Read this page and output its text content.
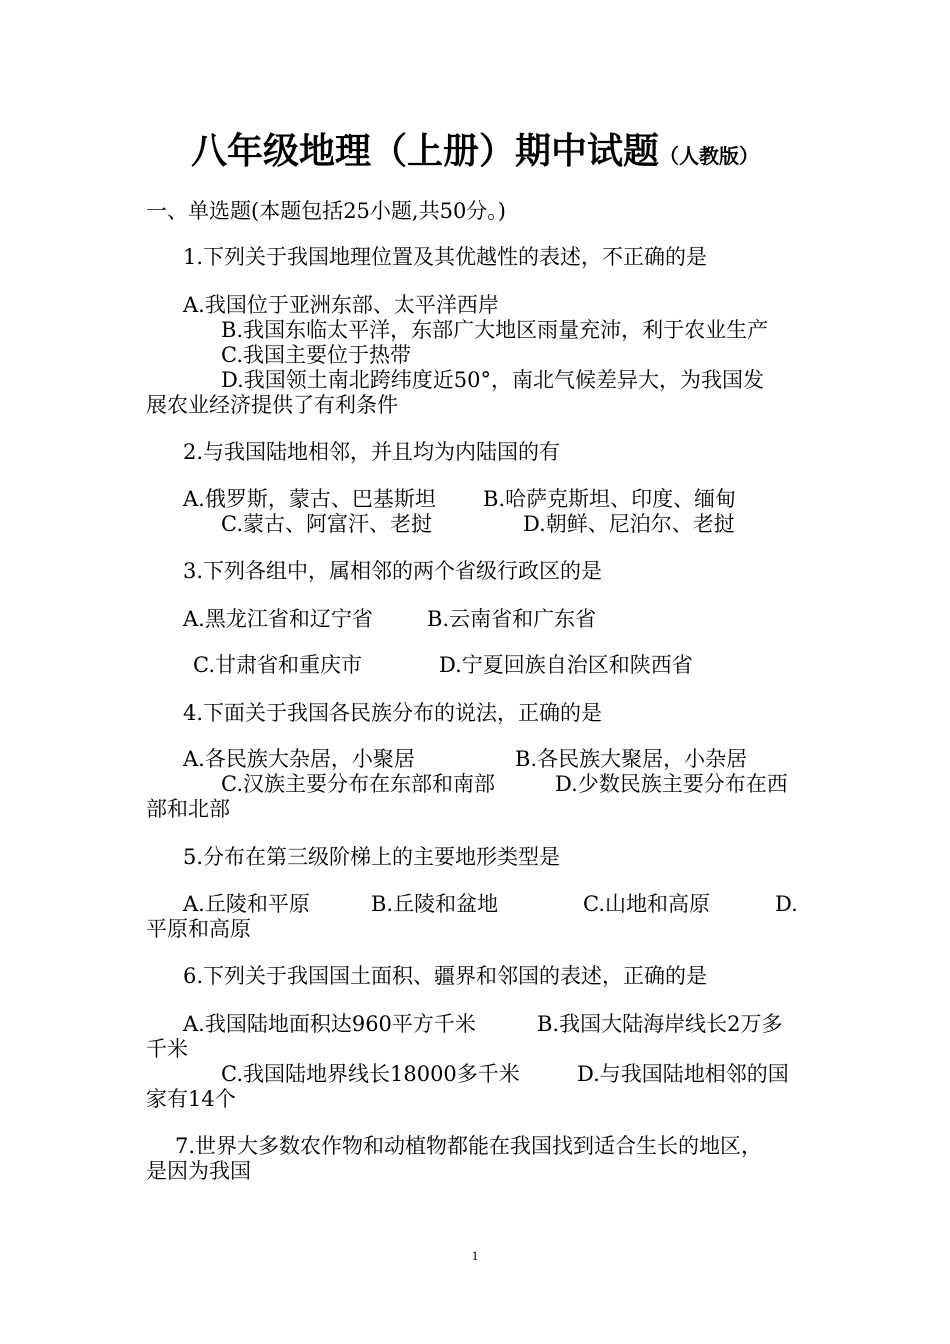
八年级地理（上册）期中试题（人教版）
一、单选题(本题包括25小题,共50分。)
1.下列关于我国地理位置及其优越性的表述，不正确的是
A.我国位于亚洲东部、太平洋西岸
B.我国东临太平洋，东部广大地区雨量充沛，利于农业生产
C.我国主要位于热带
D.我国领土南北跨纬度近50°，南北气候差异大，为我国发
展农业经济提供了有利条件
2.与我国陆地相邻，并且均为内陆国的有
A.俄罗斯，蒙古、巴基斯坦 B.哈萨克斯坦、印度、缅甸
C.蒙古、阿富汗、老挝	D.朝鲜、尼泊尔、老挝
3.下列各组中，属相邻的两个省级行政区的是
A.黑龙江省和辽宁省	B.云南省和广东省
C.甘肃省和重庆市	D.宁夏回族自治区和陕西省
4.下面关于我国各民族分布的说法，正确的是
A.各民族大杂居，小聚居	B.各民族大聚居，小杂居
C.汉族主要分布在东部和南部	D.少数民族主要分布在西
部和北部
5.分布在第三级阶梯上的主要地形类型是
A.丘陵和平原	B.丘陵和盆地	C.山地和高原	D.
平原和高原
6.下列关于我国国土面积、疆界和邻国的表述，正确的是
A.我国陆地面积达960平方千米	B.我国大陆海岸线长2万多
千米
C.我国陆地界线长18000多千米	D.与我国陆地相邻的国
家有14个
7.世界大多数农作物和动植物都能在我国找到适合生长的地区，
是因为我国
1
